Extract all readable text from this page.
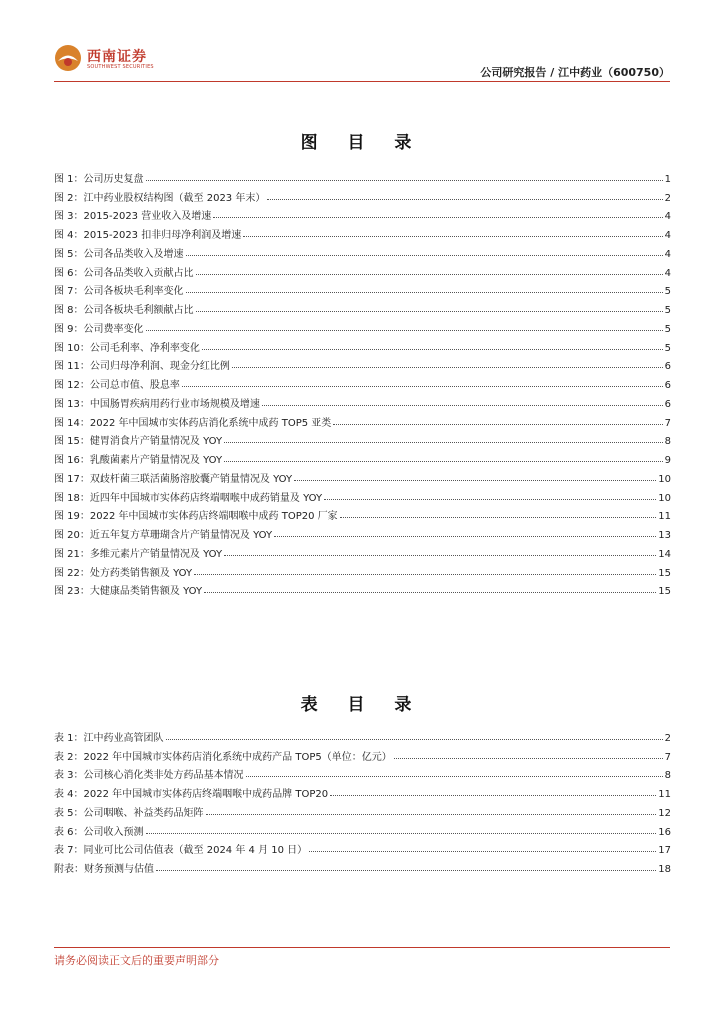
西南证券
SOUTHWEST SECURITIES	公司研究报告 / 江中药业（600750）
图 目 录
图 1：公司历史复盘	1
图 2：江中药业股权结构图（截至 2023 年末）	2
图 3：2015-2023 营业收入及增速	4
图 4：2015-2023 扣非归母净利润及增速	4
图 5：公司各品类收入及增速	4
图 6：公司各品类收入贡献占比	4
图 7：公司各板块毛利率变化	5
图 8：公司各板块毛利额献占比	5
图 9：公司费率变化	5
图 10：公司毛利率、净利率变化	5
图 11：公司归母净利润、现金分红比例	6
图 12：公司总市值、股息率	6
图 13：中国肠胃疾病用药行业市场规模及增速	6
图 14：2022 年中国城市实体药店消化系统中成药 TOP5 亚类	7
图 15：健胃消食片产销量情况及 YOY	8
图 16：乳酸菌素片产销量情况及 YOY	9
图 17：双歧杆菌三联活菌肠溶胶囊产销量情况及 YOY	10
图 18：近四年中国城市实体药店终端咽喉中成药销量及 YOY	10
图 19：2022 年中国城市实体药店终端咽喉中成药 TOP20 厂家	11
图 20：近五年复方草珊瑚含片产销量情况及 YOY	13
图 21：多维元素片产销量情况及 YOY	14
图 22：处方药类销售额及 YOY	15
图 23：大健康品类销售额及 YOY	15
表 目 录
表 1：江中药业高管团队	2
表 2：2022 年中国城市实体药店消化系统中成药产品 TOP5（单位：亿元）	7
表 3：公司核心消化类非处方药品基本情况	8
表 4：2022 年中国城市实体药店终端咽喉中成药品牌 TOP20	11
表 5：公司咽喉、补益类药品矩阵	12
表 6：公司收入预测	16
表 7：同业可比公司估值表（截至 2024 年 4 月 10 日）	17
附表：财务预测与估值	18
请务必阅读正文后的重要声明部分
